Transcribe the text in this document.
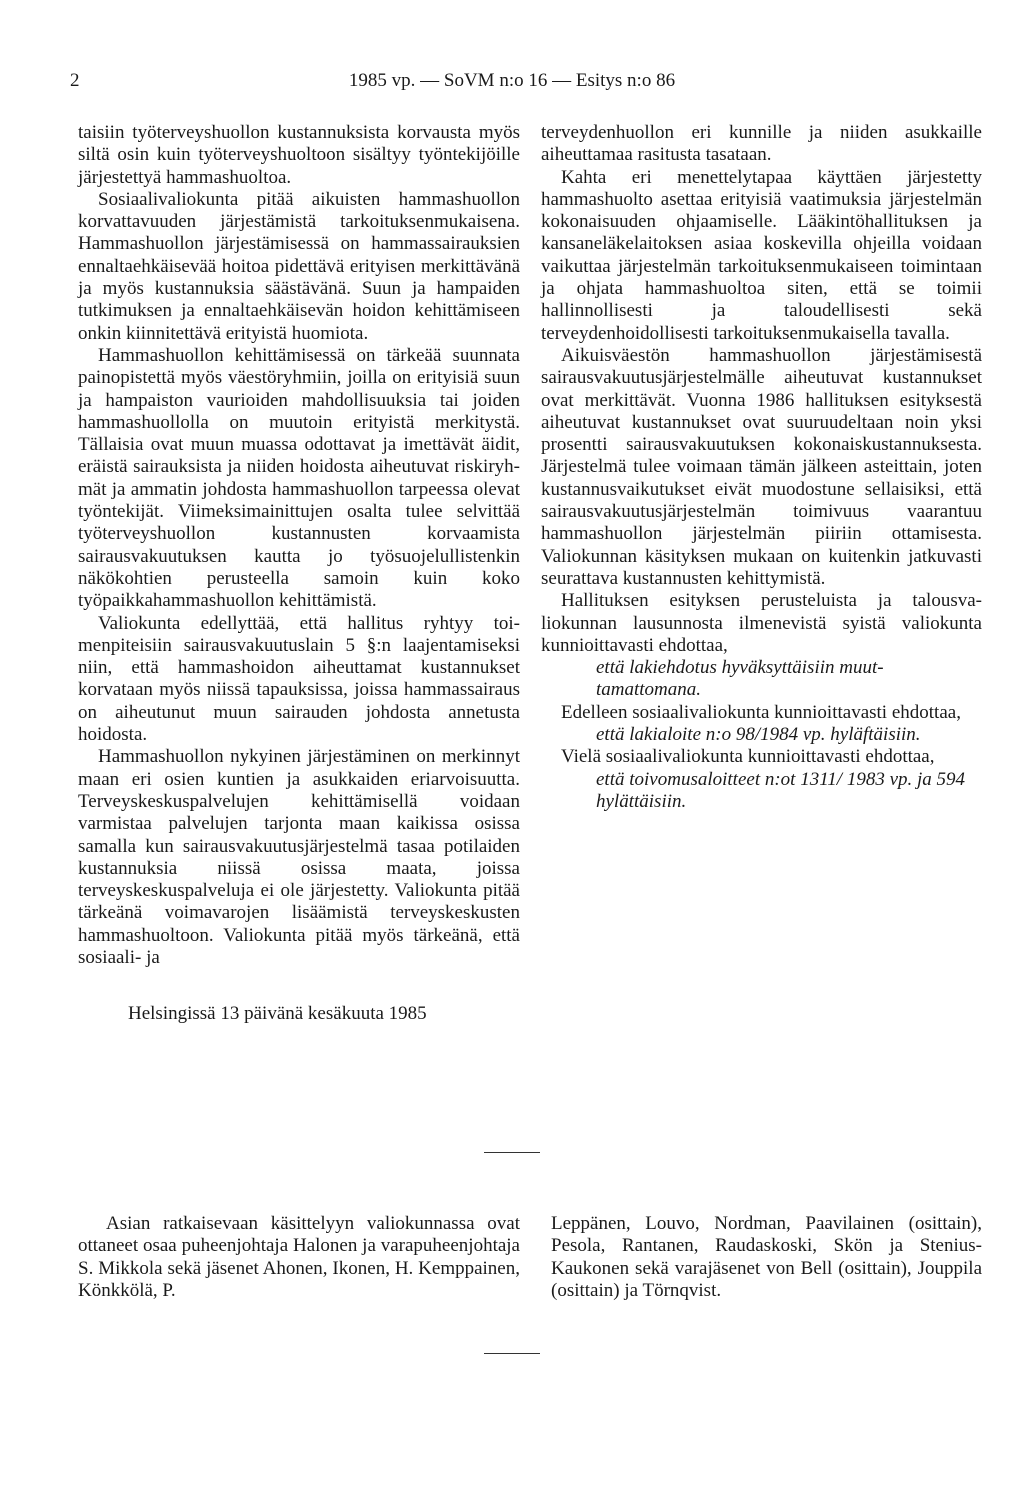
2	1985 vp. — SoVM n:o 16 — Esitys n:o 86

taisiin työterveyshuollon kustannuksista korvausta myös siltä osin kuin työterveyshuoltoon sisältyy työntekijöille järjestettyä hammashuoltoa.

Sosiaalivaliokunta pitää aikuisten hammashuollon korvattavuuden järjestämistä tarkoituksenmukaisena. Hammashuollon järjestämisessä on hammassairauksien ennaltaehkäisevää hoitoa pidettävä erityisen merkittävänä ja myös kustannuksia säästävänä. Suun ja hampaiden tutkimuksen ja ennaltaehkäisevän hoidon kehittämiseen onkin kiinnitettävä erityistä huomiota.

Hammashuollon kehittämisessä on tärkeää suunnata painopistettä myös väestöryhmiin, joilla on erityisiä suun ja hampaiston vaurioiden mahdollisuuksia tai joiden hammashuollolla on muutoin erityistä merkitystä. Tällaisia ovat muun muassa odottavat ja imettävät äidit, eräistä sairauksista ja niiden hoidosta aiheutuvat riskiryhmät ja ammatin johdosta hammashuollon tarpeessa olevat työntekijät. Viimeksimainittujen osalta tulee selvittää työterveyshuollon kustannusten korvaamista sairausvakuutuksen kautta jo työsuojelullistenkin näkökohtien perusteella samoin kuin koko työpaikkahammashuollon kehittämistä.

Valiokunta edellyttää, että hallitus ryhtyy toimenpiteisiin sairausvakuutuslain 5 §:n laajentamiseksi niin, että hammashoidon aiheuttamat kustannukset korvataan myös niissä tapauksissa, joissa hammassairaus on aiheutunut muun sairauden johdosta annetusta hoidosta.

Hammashuollon nykyinen järjestäminen on merkinnyt maan eri osien kuntien ja asukkaiden eriarvoisuutta. Terveyskeskuspalvelujen kehittämisellä voidaan varmistaa palvelujen tarjonta maan kaikissa osissa samalla kun sairausvakuutusjärjestelmä tasaa potilaiden kustannuksia niissä osissa maata, joissa terveyskeskuspalveluja ei ole järjestetty. Valiokunta pitää tärkeänä voimavarojen lisäämistä terveyskeskusten hammashuoltoon. Valiokunta pitää myös tärkeänä, että sosiaali- ja

terveydenhuollon eri kunnille ja niiden asukkaille aiheuttamaa rasitusta tasataan.

Kahta eri menettelytapaa käyttäen järjestetty hammashuolto asettaa erityisiä vaatimuksia järjestelmän kokonaisuuden ohjaamiselle. Lääkintöhallituksen ja kansaneläkelaitoksen asiaa koskevilla ohjeilla voidaan vaikuttaa järjestelmän tarkoituksenmukaiseen toimintaan ja ohjata hammashuoltoa siten, että se toimii hallinnollisesti ja taloudellisesti sekä terveydenhoidollisesti tarkoituksenmukaisella tavalla.

Aikuisväestön hammashuollon järjestämisestä sairausvakuutusjärjestelmälle aiheutuvat kustannukset ovat merkittävät. Vuonna 1986 hallituksen esityksestä aiheutuvat kustannukset ovat suuruudeltaan noin yksi prosentti sairausvakuutuksen kokonaiskustannuksesta. Järjestelmä tulee voimaan tämän jälkeen asteittain, joten kustannusvaikutukset eivät muodostune sellaisiksi, että sairausvakuutusjärjestelmän toimivuus vaarantuu hammashuollon järjestelmän piiriin ottamisesta. Valiokunnan käsityksen mukaan on kuitenkin jatkuvasti seurattava kustannusten kehittymistä.

Hallituksen esityksen perusteluista ja talousvaliokunnan lausunnosta ilmenevistä syistä valiokunta kunnioittavasti ehdottaa,

että lakiehdotus hyväksyttäisiin muuttamattomana.

Edelleen sosiaalivaliokunta kunnioittavasti ehdottaa,

että lakialoite n:o 98/1984 vp. hyläftäisiin.

Vielä sosiaalivaliokunta kunnioittavasti ehdottaa,

että toivomusaloitteet n:ot 1311/ 1983 vp. ja 594 hylättäisiin.

Helsingissä 13 päivänä kesäkuuta 1985
Asian ratkaisevaan käsittelyyn valiokunnassa ovat ottaneet osaa puheenjohtaja Halonen ja varapuheenjohtaja S. Mikkola sekä jäsenet Ahonen, Ikonen, H. Kemppainen, Könkkölä, P.
Leppänen, Louvo, Nordman, Paavilainen (osittain), Pesola, Rantanen, Raudaskoski, Skön ja Stenius-Kaukonen sekä varajäsenet von Bell (osittain), Jouppila (osittain) ja Törnqvist.
